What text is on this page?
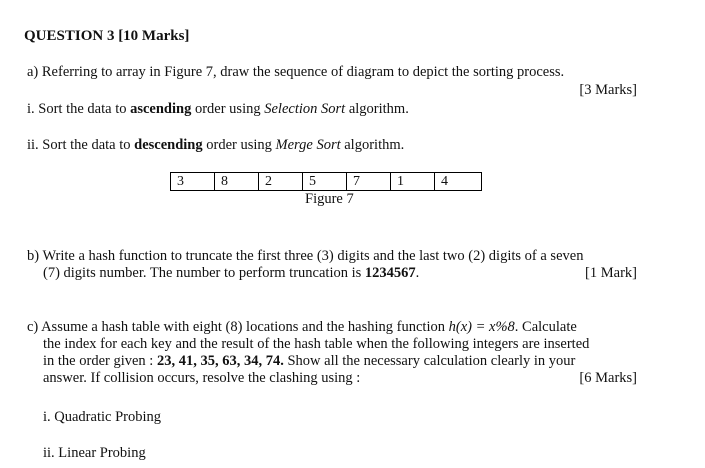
QUESTION 3 [10 Marks]
a) Referring to array in Figure 7, draw the sequence of diagram to depict the sorting process.
[3 Marks]
i. Sort the data to ascending order using Selection Sort algorithm.
ii. Sort the data to descending order using Merge Sort algorithm.
3	8	2	5	7	1	4
Figure 7
b) Write a hash function to truncate the first three (3) digits and the last two (2) digits of a seven
(7) digits number. The number to perform truncation is 1234567.	[1 Mark]
c) Assume a hash table with eight (8) locations and the hashing function h(x) = x%8. Calculate
the index for each key and the result of the hash table when the following integers are inserted
in the order given : 23, 41, 35, 63, 34, 74. Show all the necessary calculation clearly in your
answer. If collision occurs, resolve the clashing using :	[6 Marks]
i. Quadratic Probing
ii. Linear Probing
